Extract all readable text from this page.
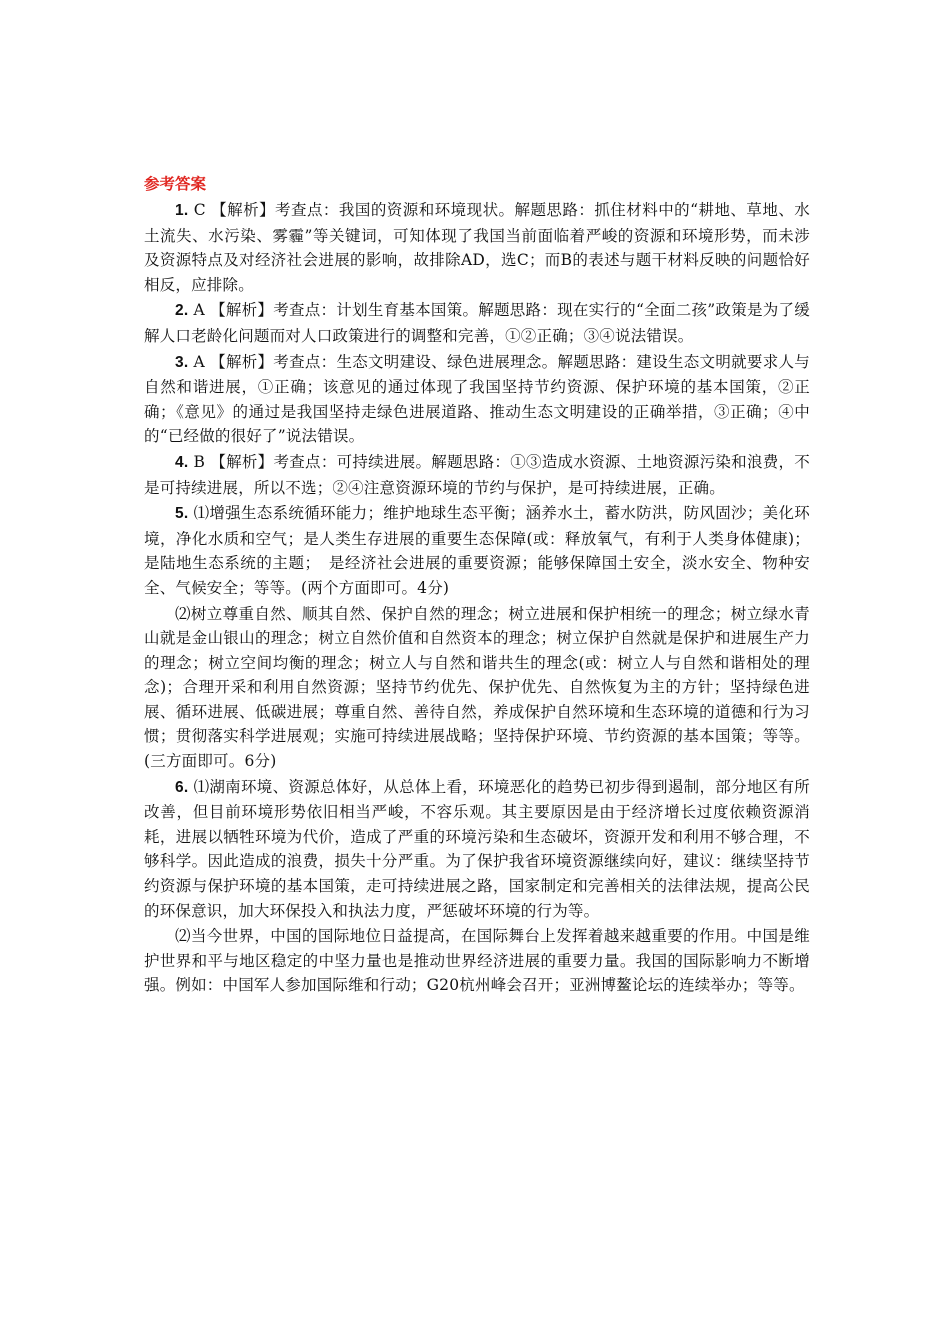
参考答案

1. C 【解析】考查点：我国的资源和环境现状。解题思路：抓住材料中的“耕地、草地、水土流失、水污染、雾霾”等关键词，可知体现了我国当前面临着严峻的资源和环境形势，而未涉及资源特点及对经济社会进展的影响，故排除AD，选C；而B的表述与题干材料反映的问题恰好相反，应排除。

2. A 【解析】考查点：计划生育基本国策。解题思路：现在实行的“全面二孩”政策是为了缓解人口老龄化问题而对人口政策进行的调整和完善，①②正确；③④说法错误。

3. A 【解析】考查点：生态文明建设、绿色进展理念。解题思路：建设生态文明就要求人与自然和谐进展，①正确；该意见的通过体现了我国坚持节约资源、保护环境的基本国策，②正确；《意见》的通过是我国坚持走绿色进展道路、推动生态文明建设的正确举措，③正确；④中的“已经做的很好了”说法错误。

4. B 【解析】考查点：可持续进展。解题思路：①③造成水资源、土地资源污染和浪费，不是可持续进展，所以不选；②④注意资源环境的节约与保护，是可持续进展，正确。

5. ⑴增强生态系统循环能力；维护地球生态平衡；涵养水土，蓄水防洪，防风固沙；美化环境，净化水质和空气；是人类生存进展的重要生态保障(或：释放氧气，有利于人类身体健康)；是陆地生态系统的主题；　是经济社会进展的重要资源；能够保障国土安全，淡水安全、物种安全、气候安全；等等。(两个方面即可。4分)

⑵树立尊重自然、顺其自然、保护自然的理念；树立进展和保护相统一的理念；树立绿水青山就是金山银山的理念；树立自然价值和自然资本的理念；树立保护自然就是保护和进展生产力的理念；树立空间均衡的理念；树立人与自然和谐共生的理念(或：树立人与自然和谐相处的理念)；合理开采和利用自然资源；坚持节约优先、保护优先、自然恢复为主的方针；坚持绿色进展、循环进展、低碳进展；尊重自然、善待自然，养成保护自然环境和生态环境的道德和行为习惯；贯彻落实科学进展观；实施可持续进展战略；坚持保护环境、节约资源的基本国策；等等。(三方面即可。6分)

6. ⑴湖南环境、资源总体好，从总体上看，环境恶化的趋势已初步得到遏制，部分地区有所改善，但目前环境形势依旧相当严峻，不容乐观。其主要原因是由于经济增长过度依赖资源消耗，进展以牺牲环境为代价，造成了严重的环境污染和生态破坏，资源开发和利用不够合理，不够科学。因此造成的浪费，损失十分严重。为了保护我省环境资源继续向好，建议：继续坚持节约资源与保护环境的基本国策，走可持续进展之路，国家制定和完善相关的法律法规，提高公民的环保意识，加大环保投入和执法力度，严惩破坏环境的行为等。

⑵当今世界，中国的国际地位日益提高，在国际舞台上发挥着越来越重要的作用。中国是维护世界和平与地区稳定的中坚力量也是推动世界经济进展的重要力量。我国的国际影响力不断增强。例如：中国军人参加国际维和行动；G20杭州峰会召开；亚洲博鳌论坛的连续举办；等等。
